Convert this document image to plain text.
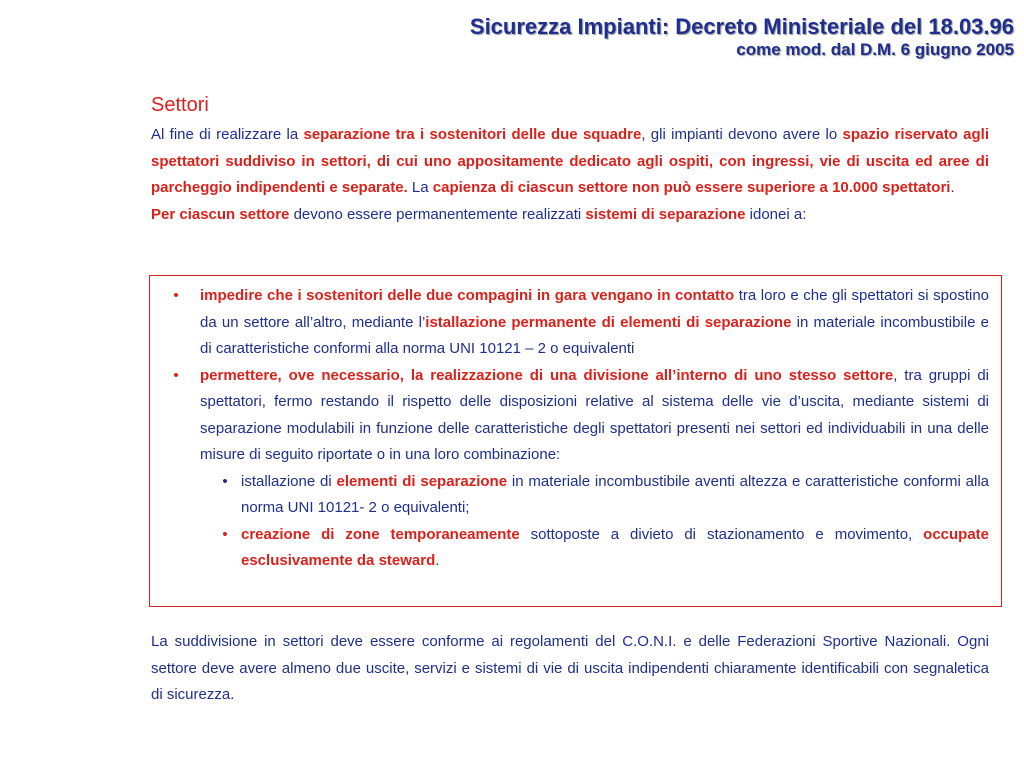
Sicurezza Impianti: Decreto Ministeriale del 18.03.96
come mod. dal D.M. 6 giugno 2005
Settori

Al fine di realizzare la separazione tra i sostenitori delle due squadre, gli impianti devono avere lo spazio riservato agli spettatori suddiviso in settori, di cui uno appositamente dedicato agli ospiti, con ingressi, vie di uscita ed aree di parcheggio indipendenti e separate. La capienza di ciascun settore non può essere superiore a 10.000 spettatori.

Per ciascun settore devono essere permanentemente realizzati sistemi di separazione idonei a:

• impedire che i sostenitori delle due compagini in gara vengano in contatto tra loro e che gli spettatori si spostino da un settore all’altro, mediante l’istallazione permanente di elementi di separazione in materiale incombustibile e di caratteristiche conformi alla norma UNI 10121 – 2 o equivalenti
• permettere, ove necessario, la realizzazione di una divisione all’interno di uno stesso settore, tra gruppi di spettatori, fermo restando il rispetto delle disposizioni relative al sistema delle vie d’uscita, mediante sistemi di separazione modulabili in funzione delle caratteristiche degli spettatori presenti nei settori ed individuabili in una delle misure di seguito riportate o in una loro combinazione:
• istallazione di elementi di separazione in materiale incombustibile aventi altezza e caratteristiche conformi alla norma UNI 10121- 2 o equivalenti;
• creazione di zone temporaneamente sottoposte a divieto di stazionamento e movimento, occupate esclusivamente da steward.
La suddivisione in settori deve essere conforme ai regolamenti del C.O.N.I. e delle Federazioni Sportive Nazionali. Ogni settore deve avere almeno due uscite, servizi e sistemi di vie di uscita indipendenti chiaramente identificabili con segnaletica di sicurezza.
